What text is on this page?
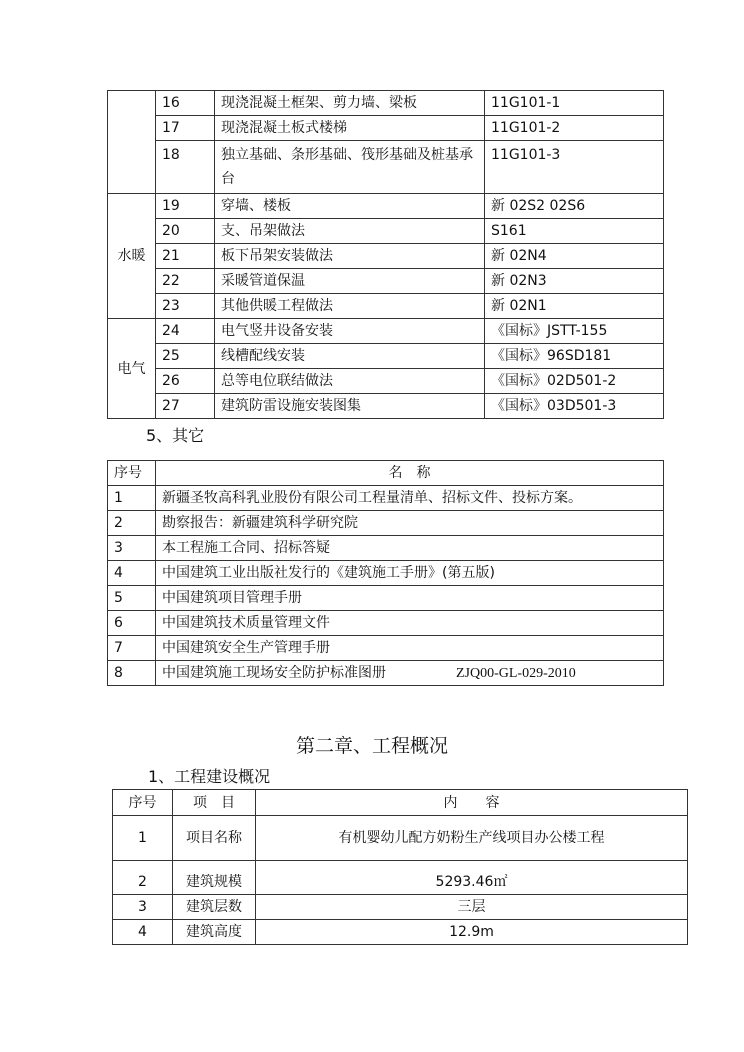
	16	现浇混凝土框架、剪力墙、梁板	11G101-1
	17	现浇混凝土板式楼梯	11G101-2
	18	独立基础、条形基础、筏形基础及桩基承台	11G101-3
水暖	19	穿墙、楼板	新 02S2 02S6
	20	支、吊架做法	S161
	21	板下吊架安装做法	新 02N4
	22	采暖管道保温	新 02N3
	23	其他供暖工程做法	新 02N1
电气	24	电气竖井设备安装	《国标》JSTT-155
	25	线槽配线安装	《国标》96SD181
	26	总等电位联结做法	《国标》02D501-2
	27	建筑防雷设施安装图集	《国标》03D501-3
5、其它
序号	名　称
1	新疆圣牧高科乳业股份有限公司工程量清单、招标文件、投标方案。
2	勘察报告：新疆建筑科学研究院
3	本工程施工合同、招标答疑
4	中国建筑工业出版社发行的《建筑施工手册》(第五版)
5	中国建筑项目管理手册
6	中国建筑技术质量管理文件
7	中国建筑安全生产管理手册
8	中国建筑施工现场安全防护标准图册 ZJQ00-GL-029-2010
第二章、工程概况
1、工程建设概况
序号	项　目	内　　容
1	项目名称	有机婴幼儿配方奶粉生产线项目办公楼工程
2	建筑规模	5293.46㎡
3	建筑层数	三层
4	建筑高度	12.9m
